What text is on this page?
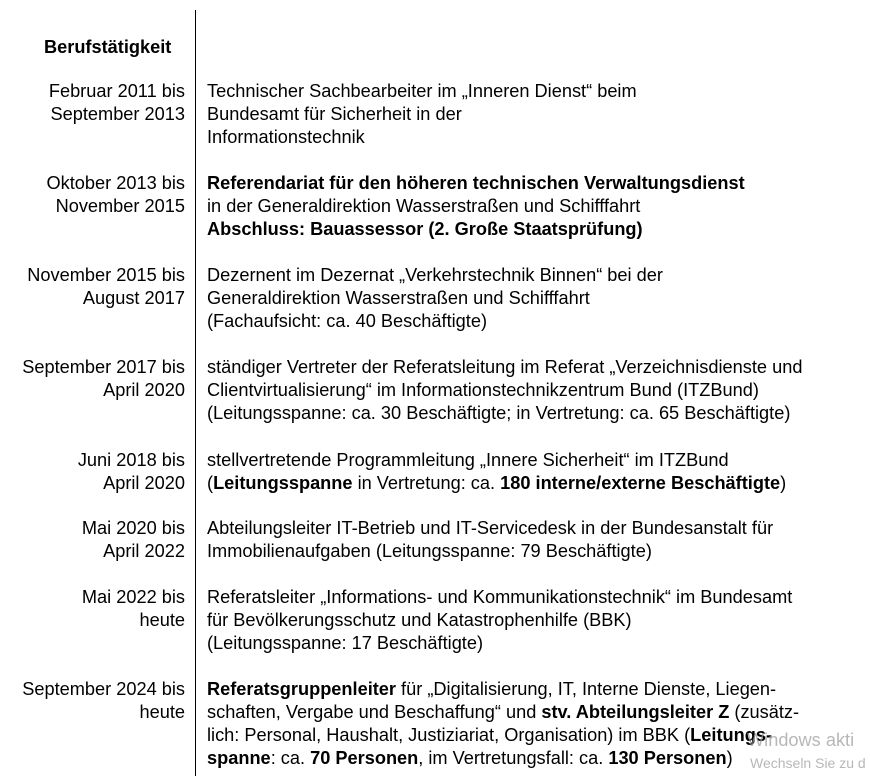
Berufstätigkeit
Februar 2011 bis
September 2013
Technischer Sachbearbeiter im „Inneren Dienst“ beim
Bundesamt für Sicherheit in der
Informationstechnik
Oktober 2013 bis
November 2015
Referendariat für den höheren technischen Verwaltungsdienst
in der Generaldirektion Wasserstraßen und Schifffahrt
Abschluss: Bauassessor (2. Große Staatsprüfung)
November 2015 bis
August 2017
Dezernent im Dezernat „Verkehrstechnik Binnen“ bei der
Generaldirektion Wasserstraßen und Schifffahrt
(Fachaufsicht: ca. 40 Beschäftigte)
September 2017 bis
April 2020
ständiger Vertreter der Referatsleitung im Referat „Verzeichnisdienste und
Clientvirtualisierung“ im Informationstechnikzentrum Bund (ITZBund)
(Leitungsspanne: ca. 30 Beschäftigte; in Vertretung: ca. 65 Beschäftigte)
Juni 2018 bis
April 2020
stellvertretende Programmleitung „Innere Sicherheit“ im ITZBund
(Leitungsspanne in Vertretung: ca. 180 interne/externe Beschäftigte)
Mai 2020 bis
April 2022
Abteilungsleiter IT-Betrieb und IT-Servicedesk in der Bundesanstalt für
Immobilienaufgaben (Leitungsspanne: 79 Beschäftigte)
Mai 2022 bis
heute
Referatsleiter „Informations- und Kommunikationstechnik“ im Bundesamt
für Bevölkerungsschutz und Katastrophenhilfe (BBK)
(Leitungsspanne: 17 Beschäftigte)
September 2024 bis
heute
Referatsgruppenleiter für „Digitalisierung, IT, Interne Dienste, Liegen-
schaften, Vergabe und Beschaffung“ und stv. Abteilungsleiter Z (zusätz-
lich: Personal, Haushalt, Justiziariat, Organisation) im BBK (Leitungs-
spanne: ca. 70 Personen, im Vertretungsfall: ca. 130 Personen)
Windows akti
Wechseln Sie zu d
